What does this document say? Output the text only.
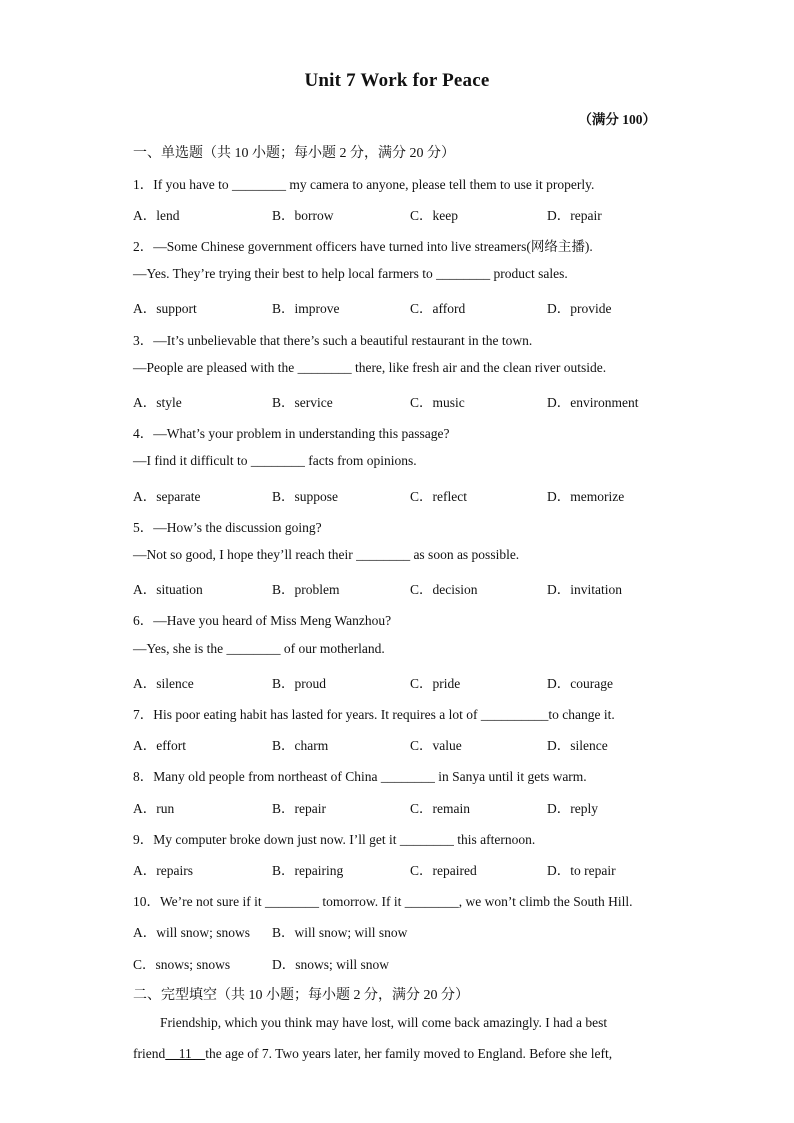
Unit 7 Work for Peace
（满分 100）
一、单选题（共 10 小题；每小题 2 分，满分 20 分）
1．If you have to ________ my camera to anyone, please tell them to use it properly.
A．lend	B．borrow	C．keep	D．repair
2．—Some Chinese government officers have turned into live streamers(网络主播).
—Yes. They’re trying their best to help local farmers to ________ product sales.
A．support	B．improve	C．afford	D．provide
3．—It’s unbelievable that there’s such a beautiful restaurant in the town.
—People are pleased with the ________ there, like fresh air and the clean river outside.
A．style	B．service	C．music	D．environment
4．—What’s your problem in understanding this passage?
—I find it difficult to ________ facts from opinions.
A．separate	B．suppose	C．reflect	D．memorize
5．—How’s the discussion going?
—Not so good, I hope they’ll reach their ________ as soon as possible.
A．situation	B．problem	C．decision	D．invitation
6．—Have you heard of Miss Meng Wanzhou?
—Yes, she is the ________ of our motherland.
A．silence	B．proud	C．pride	D．courage
7．His poor eating habit has lasted for years. It requires a lot of __________to change it.
A．effort	B．charm	C．value	D．silence
8．Many old people from northeast of China ________ in Sanya until it gets warm.
A．run	B．repair	C．remain	D．reply
9．My computer broke down just now. I’ll get it ________ this afternoon.
A．repairs	B．repairing	C．repaired	D．to repair
10．We’re not sure if it ________ tomorrow. If it ________, we won’t climb the South Hill.
A．will snow; snows B．will snow; will snow
C．snows; snows	D．snows; will snow
二、完型填空（共 10 小题；每小题 2 分，满分 20 分）
Friendship, which you think may have lost, will come back amazingly. I had a best
friend    11    the age of 7. Two years later, her family moved to England. Before she left,
